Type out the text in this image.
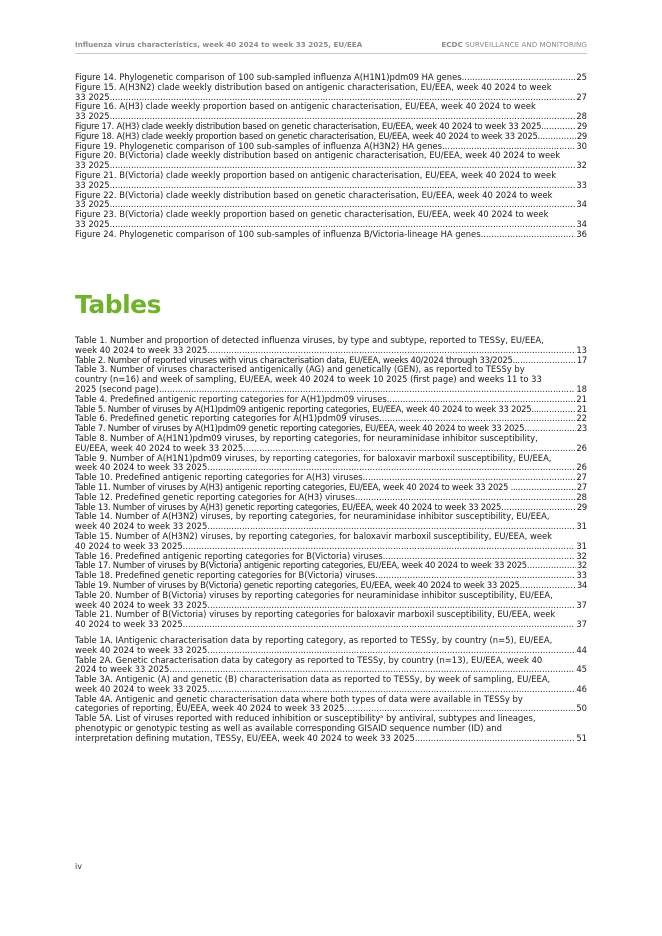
Influenza virus characteristics, week 40 2024 to week 33 2025, EU/EEA	ECDC SURVEILLANCE AND MONITORING
Figure 14. Phylogenetic comparison of 100 sub-sampled influenza A(H1N1)pdm09 HA genes .....	25
Figure 15. A(H3N2) clade weekly distribution based on antigenic characterisation, EU/EEA, week 40 2024 to week
33 2025 .....	27
Figure 16. A(H3) clade weekly proportion based on antigenic characterisation, EU/EEA, week 40 2024 to week
33 2025 .....	28
Figure 17. A(H3) clade weekly distribution based on genetic characterisation, EU/EEA, week 40 2024 to week 33 2025. .....	29
Figure 18. A(H3) clade weekly proportion based on genetic characterisation, EU/EEA, week 40 2024 to week 33 2025.. .....	29
Figure 19. Phylogenetic comparison of 100 sub-samples of influenza A(H3N2) HA genes .....	30
Figure 20. B(Victoria) clade weekly distribution based on antigenic characterisation, EU/EEA, week 40 2024 to week
33 2025 .....	32
Figure 21. B(Victoria) clade weekly proportion based on antigenic characterisation, EU/EEA, week 40 2024 to week
33 2025 .....	33
Figure 22. B(Victoria) clade weekly distribution based on genetic characterisation, EU/EEA, week 40 2024 to week
33 2025 .....	34
Figure 23. B(Victoria) clade weekly proportion based on genetic characterisation, EU/EEA, week 40 2024 to week
33 2025 .....	34
Figure 24. Phylogenetic comparison of 100 sub-samples of influenza B/Victoria-lineage HA genes .....	36
Tables
Table 1. Number and proportion of detected influenza viruses, by type and subtype, reported to TESSy, EU/EEA,
week 40 2024 to week 33 2025 .....	13
Table 2. Number of reported viruses with virus characterisation data, EU/EEA, weeks 40/2024 through 33/2025.. .....	17
Table 3. Number of viruses characterised antigenically (AG) and genetically (GEN), as reported to TESSy by
country (n=16) and week of sampling, EU/EEA, week 40 2024 to week 10 2025 (first page) and weeks 11 to 33
2025 (second page) .....	18
Table 4. Predefined antigenic reporting categories for A(H1)pdm09 viruses. .....	21
Table 5. Number of viruses by A(H1)pdm09 antigenic reporting categories, EU/EEA, week 40 2024 to week 33 2025.... .....	21
Table 6. Predefined genetic reporting categories for A(H1)pdm09 viruses .....	22
Table 7. Number of viruses by A(H1)pdm09 genetic reporting categories, EU/EEA, week 40 2024 to week 33 2025 .....	23
Table 8. Number of A(H1N1)pdm09 viruses, by reporting categories, for neuraminidase inhibitor susceptibility,
EU/EEA, week 40 2024 to week 33 2025 .....	26
Table 9. Number of A(H1N1)pdm09 viruses, by reporting categories, for baloxavir marboxil susceptibility, EU/EEA,
week 40 2024 to week 33 2025 .....	26
Table 10. Predefined antigenic reporting categories for A(H3) viruses .....	27
Table 11. Number of viruses by A(H3) antigenic reporting categories, EU/EEA, week 40 2024 to week 33 2025 ... .....	27
Table 12. Predefined genetic reporting categories for A(H3) viruses .....	28
Table 13. Number of viruses by A(H3) genetic reporting categories, EU/EEA, week 40 2024 to week 33 2025 .....	29
Table 14. Number of A(H3N2) viruses, by reporting categories, for neuraminidase inhibitor susceptibility, EU/EEA,
week 40 2024 to week 33 2025 .....	31
Table 15. Number of A(H3N2) viruses, by reporting categories, for baloxavir marboxil susceptibility, EU/EEA, week
40 2024 to week 33 2025 .....	31
Table 16. Predefined antigenic reporting categories for B(Victoria) viruses .....	32
Table 17. Number of viruses by B(Victoria) antigenic reporting categories, EU/EEA, week 40 2024 to week 33 2025 .....	32
Table 18. Predefined genetic reporting categories for B(Victoria) viruses .....	33
Table 19. Number of viruses by B(Victoria) genetic reporting categories, EU/EEA, week 40 2024 to week 33 2025 .....	34
Table 20. Number of B(Victoria) viruses by reporting categories for neuraminidase inhibitor susceptibility, EU/EEA,
week 40 2024 to week 33 2025 .....	37
Table 21. Number of B(Victoria) viruses by reporting categories for baloxavir marboxil susceptibility, EU/EEA, week
40 2024 to week 33 2025 .....	37
Table 1A. IAntigenic characterisation data by reporting category, as reported to TESSy, by country (n=5), EU/EEA,
week 40 2024 to week 33 2025 .....	44
Table 2A. Genetic characterisation data by category as reported to TESSy, by country (n=13), EU/EEA, week 40
2024 to week 33 2025 .....	45
Table 3A. Antigenic (A) and genetic (B) characterisation data as reported to TESSy, by week of sampling, EU/EEA,
week 40 2024 to week 33 2025 .....	46
Table 4A. Antigenic and genetic characterisation data where both types of data were available in TESSy by
categories of reporting, EU/EEA, week 40 2024 to week 33 2025 .....	50
Table 5A. List of viruses reported with reduced inhibition or susceptibilityᵃ by antiviral, subtypes and lineages,
phenotypic or genotypic testing as well as available corresponding GISAID sequence number (ID) and
interpretation defining mutation, TESSy, EU/EEA, week 40 2024 to week 33 2025 .....	51
iv
